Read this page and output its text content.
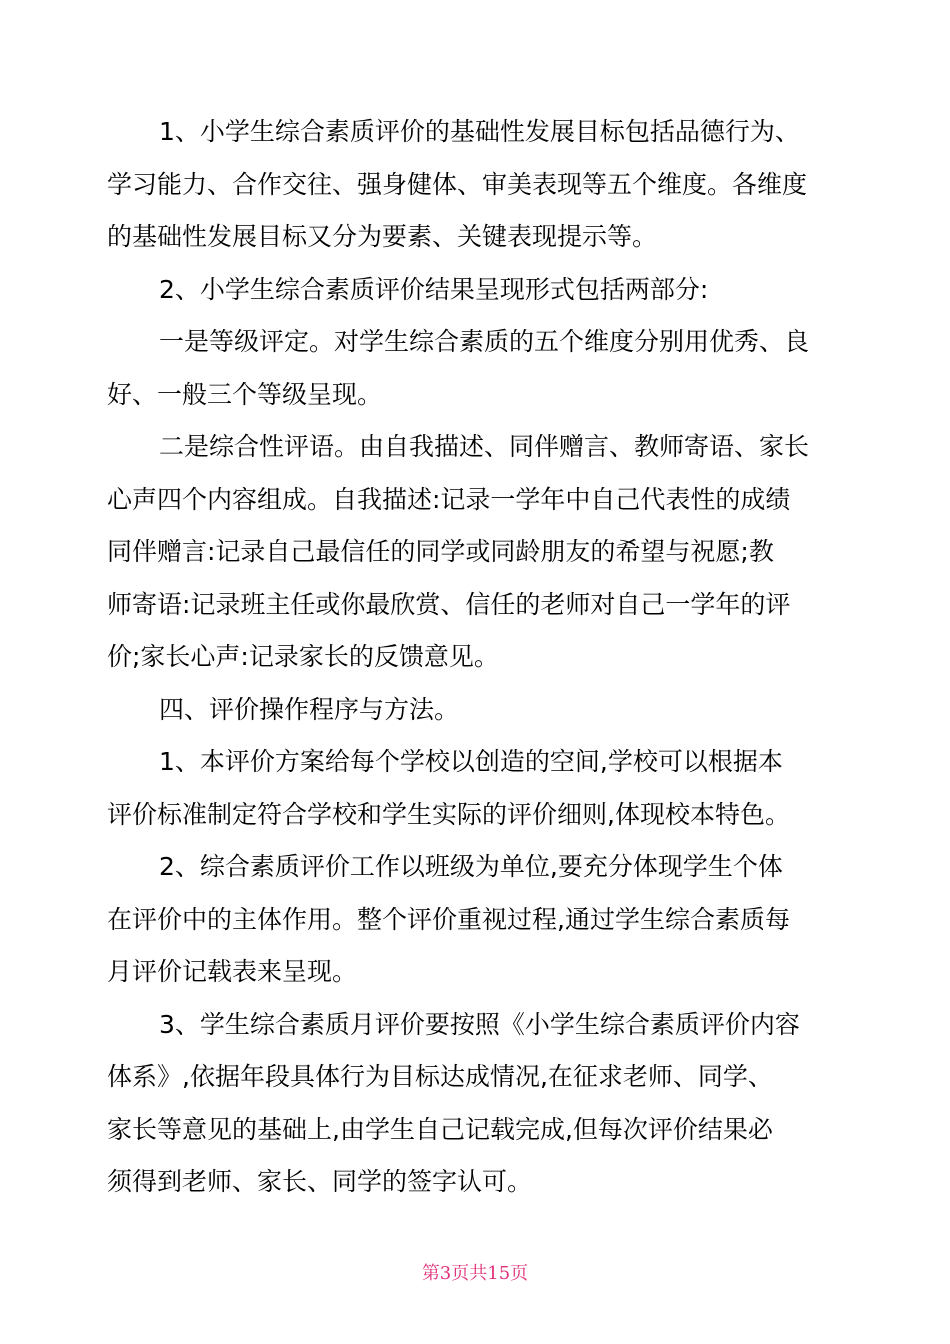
1、小学生综合素质评价的基础性发展目标包括品德行为、
学习能力、合作交往、强身健体、审美表现等五个维度。各维度
的基础性发展目标又分为要素、关键表现提示等。
2、小学生综合素质评价结果呈现形式包括两部分:
一是等级评定。对学生综合素质的五个维度分别用优秀、良
好、一般三个等级呈现。
二是综合性评语。由自我描述、同伴赠言、教师寄语、家长
心声四个内容组成。自我描述:记录一学年中自己代表性的成绩
同伴赠言:记录自己最信任的同学或同龄朋友的希望与祝愿;教
师寄语:记录班主任或你最欣赏、信任的老师对自己一学年的评
价;家长心声:记录家长的反馈意见。
四、评价操作程序与方法。
1、本评价方案给每个学校以创造的空间,学校可以根据本
评价标准制定符合学校和学生实际的评价细则,体现校本特色。
2、综合素质评价工作以班级为单位,要充分体现学生个体
在评价中的主体作用。整个评价重视过程,通过学生综合素质每
月评价记载表来呈现。
3、学生综合素质月评价要按照《小学生综合素质评价内容
体系》,依据年段具体行为目标达成情况,在征求老师、同学、
家长等意见的基础上,由学生自己记载完成,但每次评价结果必
须得到老师、家长、同学的签字认可。
第3页共15页
